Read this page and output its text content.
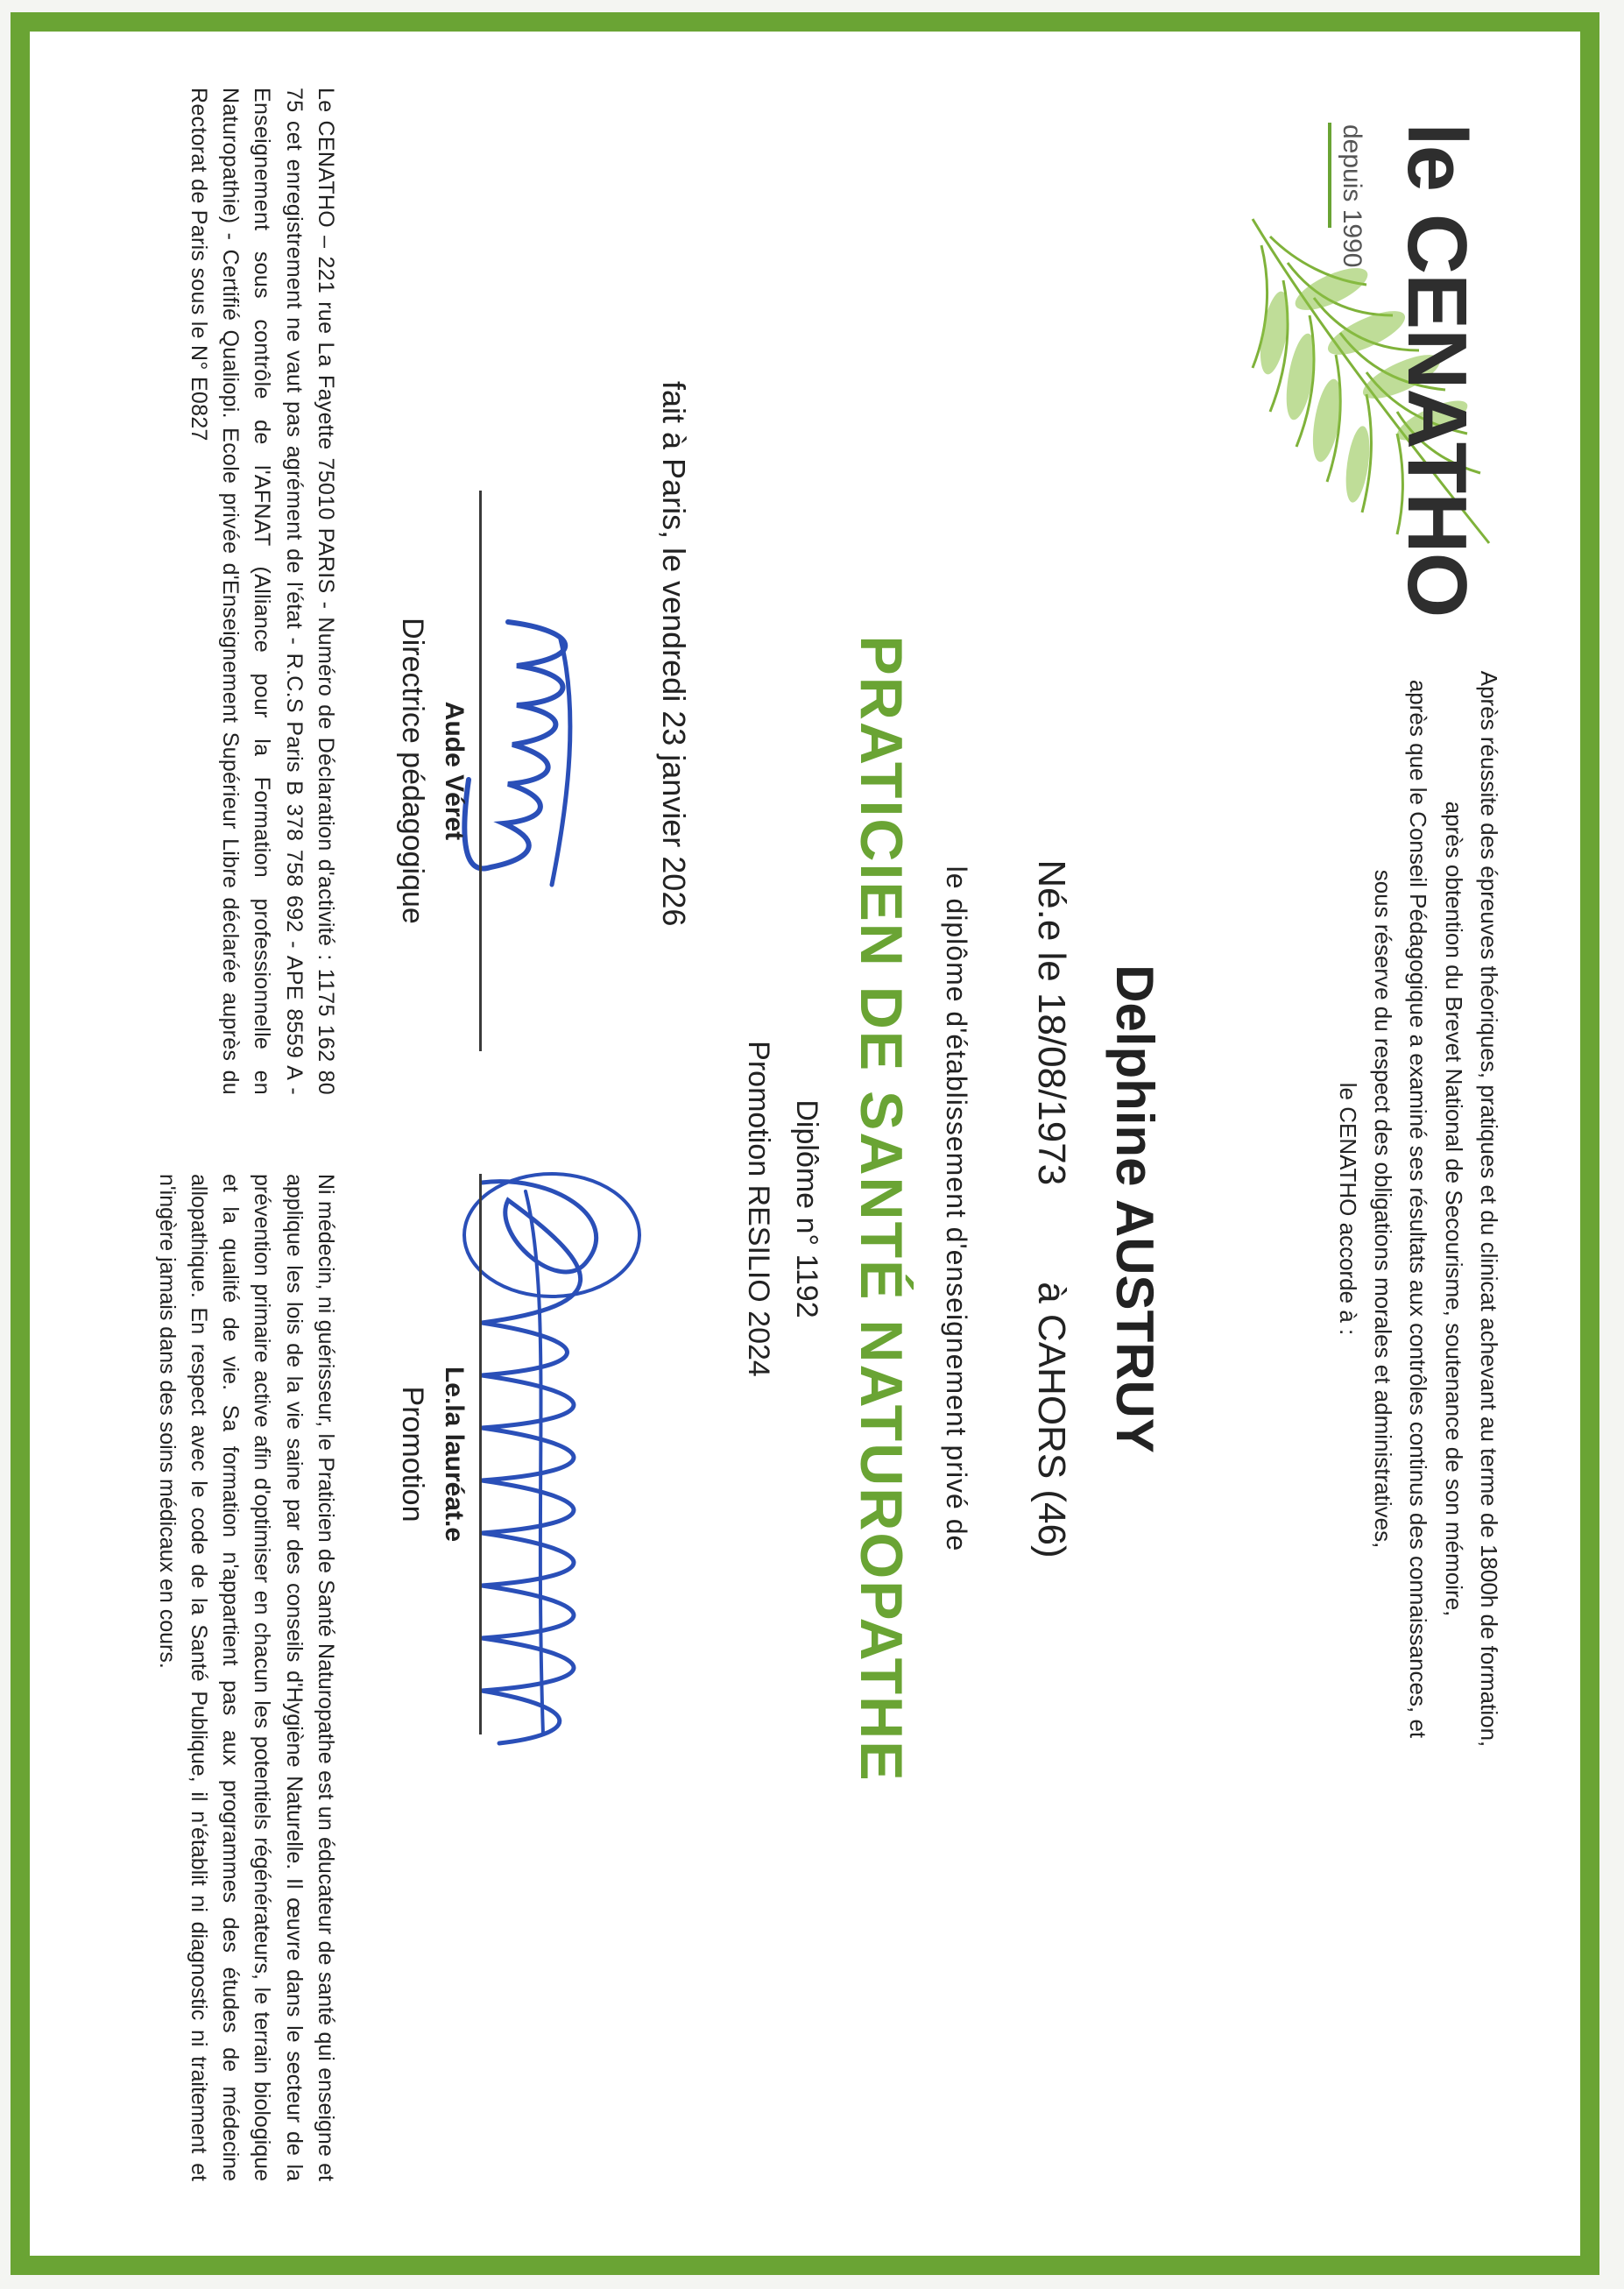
le CENATHO
depuis 1990
Après réussite des épreuves théoriques, pratiques et du clinicat achevant au terme de 1800h de formation,
après obtention du Brevet National de Secourisme, soutenance de son mémoire,
après que le Conseil Pédagogique a examiné ses résultats aux contrôles continus des connaissances, et
sous réserve du respect des obligations morales et administratives,
le CENATHO accorde à :
Delphine AUSTRUY
Né.e le 18/08/1973à CAHORS (46)
le diplôme d'établissement d'enseignement privé de
PRATICIEN DE SANTÉ NATUROPATHE
Diplôme n° 1192
Promotion RESILIO 2024
fait à Paris, le vendredi 23 janvier 2026
Aude Véret
Directrice pédagogique
Le.la lauréat.e
Promotion
Le CENATHO – 221 rue La Fayette 75010 PARIS - Numéro de Déclaration d'activité : 1175 162 80 75 cet enregistrement ne vaut pas agrément de l'état - R.C.S Paris B 378 758 692 - APE 8559 A - Enseignement sous contrôle de l'AFNAT (Alliance pour la Formation professionnelle en Naturopathie) - Certifié Qualiopi. Ecole privée d'Enseignement Supérieur Libre déclarée auprès du Rectorat de Paris sous le N° E0827
Ni médecin, ni guérisseur, le Praticien de Santé Naturopathe est un éducateur de santé qui enseigne et applique les lois de la vie saine par des conseils d'Hygiène Naturelle. Il œuvre dans le secteur de la prévention primaire active afin d'optimiser en chacun les potentiels régénérateurs, le terrain biologique et la qualité de vie. Sa formation n'appartient pas aux programmes des études de médecine allopathique. En respect avec le code de la Santé Publique, il n'établit ni diagnostic ni traitement et n'ingère jamais dans des soins médicaux en cours.
